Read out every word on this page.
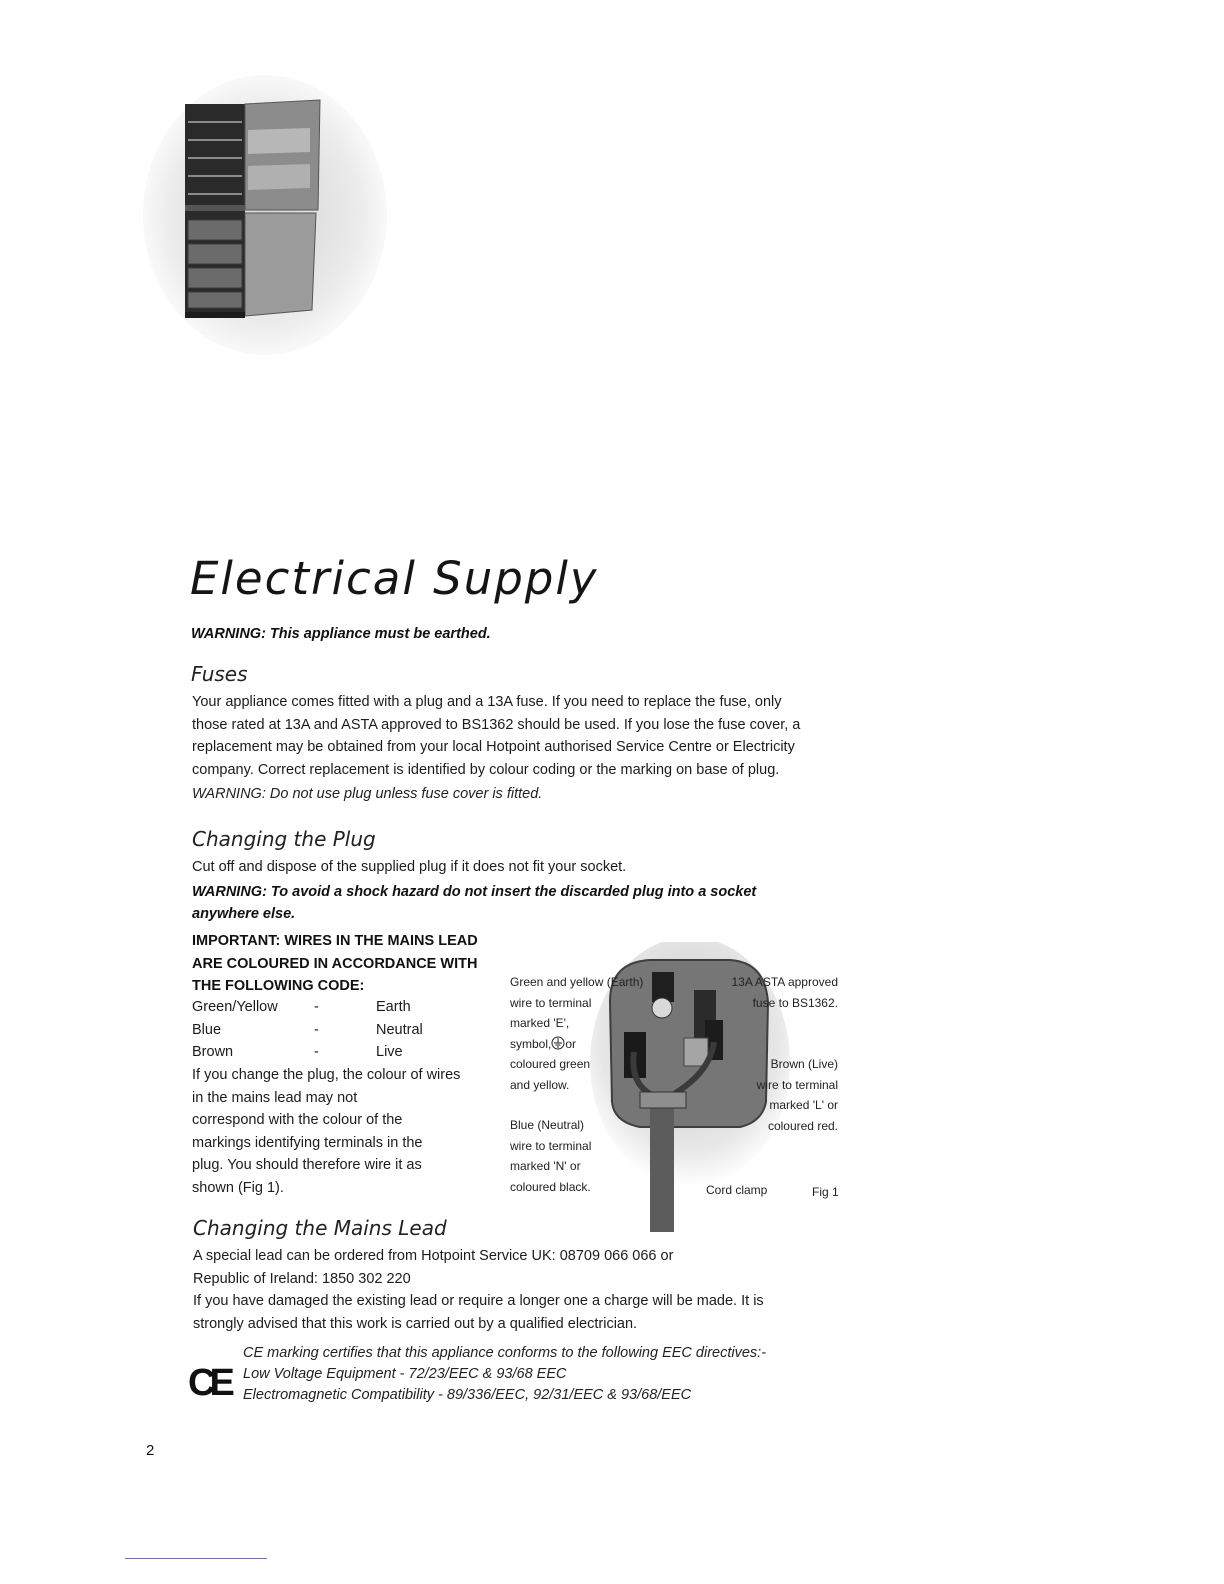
Electrical Supply
WARNING: This appliance must be earthed.
Fuses
Your appliance comes fitted with a plug and a 13A fuse. If you need to replace the fuse, only
those rated at 13A and ASTA approved to BS1362 should be used. If you lose the fuse cover, a
replacement may be obtained from your local Hotpoint authorised Service Centre or Electricity
company. Correct replacement is identified by colour coding or the marking on base of plug.
WARNING: Do not use plug unless fuse cover is fitted.
Changing the Plug
Cut off and dispose of the supplied plug if it does not fit your socket.
WARNING: To avoid a shock hazard do not insert the discarded plug into a socket
anywhere else.
IMPORTANT: WIRES IN THE MAINS LEAD
ARE COLOURED IN ACCORDANCE WITH
THE FOLLOWING CODE:
Green/Yellow	-	Earth
Blue	-	Neutral
Brown	-	Live
If you change the plug, the colour of wires
in the mains lead may not
correspond with the colour of the
markings identifying terminals in the
plug. You should therefore wire it as
shown (Fig 1).
Green and yellow (Earth)
wire to terminal
marked 'E',
symbol, or
coloured green
and yellow.
Blue (Neutral)
wire to terminal
marked 'N' or
coloured black.
13A ASTA approved
fuse to BS1362.
Brown (Live)
wire to terminal
marked 'L' or
coloured red.
Cord clamp	Fig 1
Changing the Mains Lead
A special lead can be ordered from Hotpoint Service UK: 08709 066 066 or
Republic of Ireland: 1850 302 220
If you have damaged the existing lead or require a longer one a charge will be made. It is
strongly advised that this work is carried out by a qualified electrician.
CE
CE marking certifies that this appliance conforms to the following EEC directives:-
Low Voltage Equipment - 72/23/EEC & 93/68 EEC
Electromagnetic Compatibility - 89/336/EEC, 92/31/EEC & 93/68/EEC
2
